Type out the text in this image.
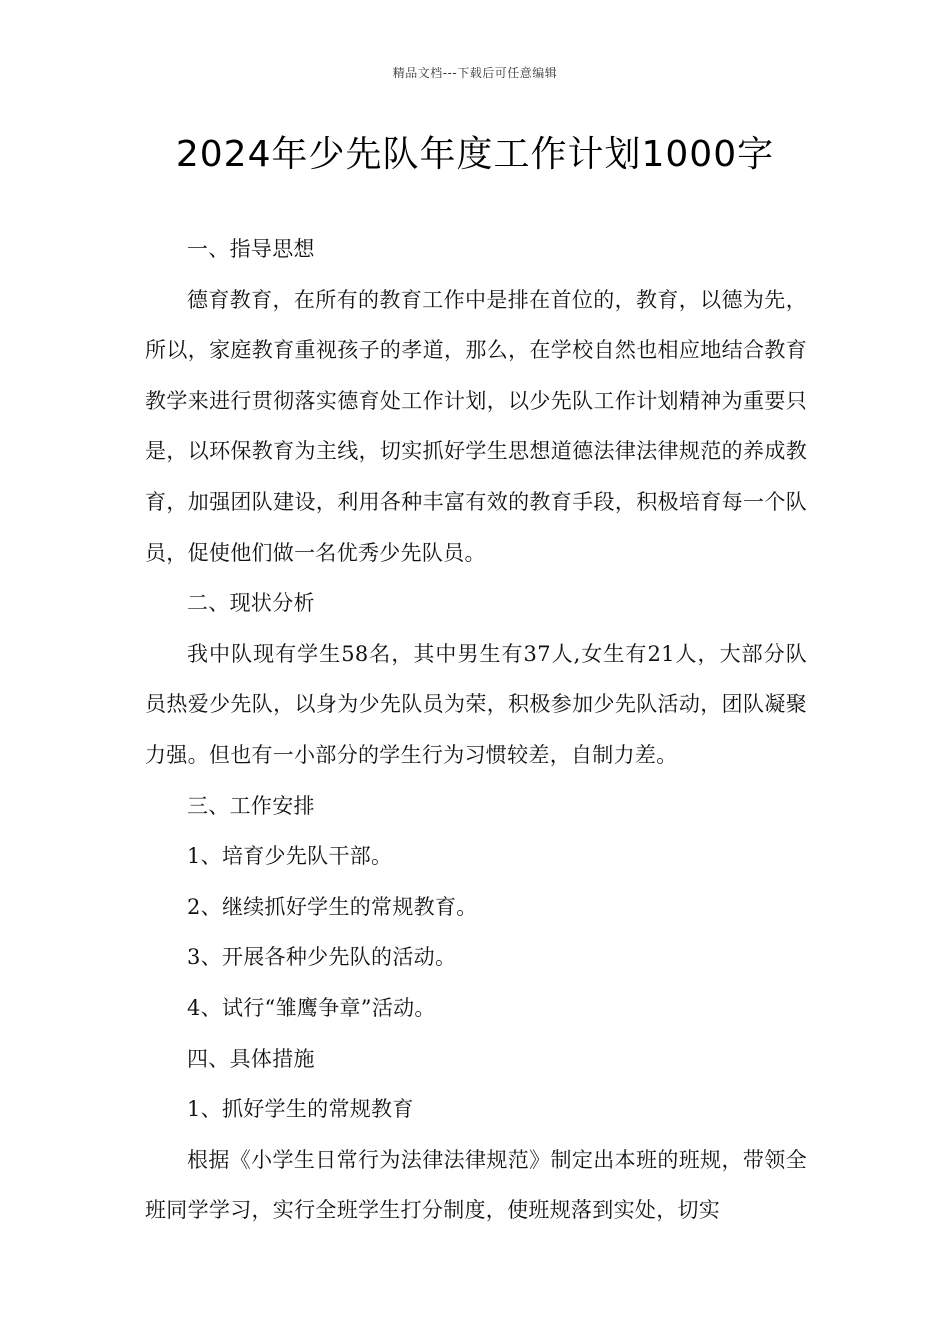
精品文档---下载后可任意编辑
2024年少先队年度工作计划1000字

一、指导思想

德育教育，在所有的教育工作中是排在首位的，教育，以德为先，所以，家庭教育重视孩子的孝道，那么，在学校自然也相应地结合教育教学来进行贯彻落实德育处工作计划，以少先队工作计划精神为重要只是，以环保教育为主线，切实抓好学生思想道德法律法律规范的养成教育，加强团队建设，利用各种丰富有效的教育手段，积极培育每一个队员，促使他们做一名优秀少先队员。

二、现状分析

我中队现有学生58名，其中男生有37人,女生有21人，大部分队员热爱少先队，以身为少先队员为荣，积极参加少先队活动，团队凝聚力强。但也有一小部分的学生行为习惯较差，自制力差。

三、工作安排

1、培育少先队干部。

2、继续抓好学生的常规教育。

3、开展各种少先队的活动。

4、试行“雏鹰争章”活动。

四、具体措施

1、抓好学生的常规教育

根据《小学生日常行为法律法律规范》制定出本班的班规，带领全班同学学习，实行全班学生打分制度，使班规落到实处，切实
